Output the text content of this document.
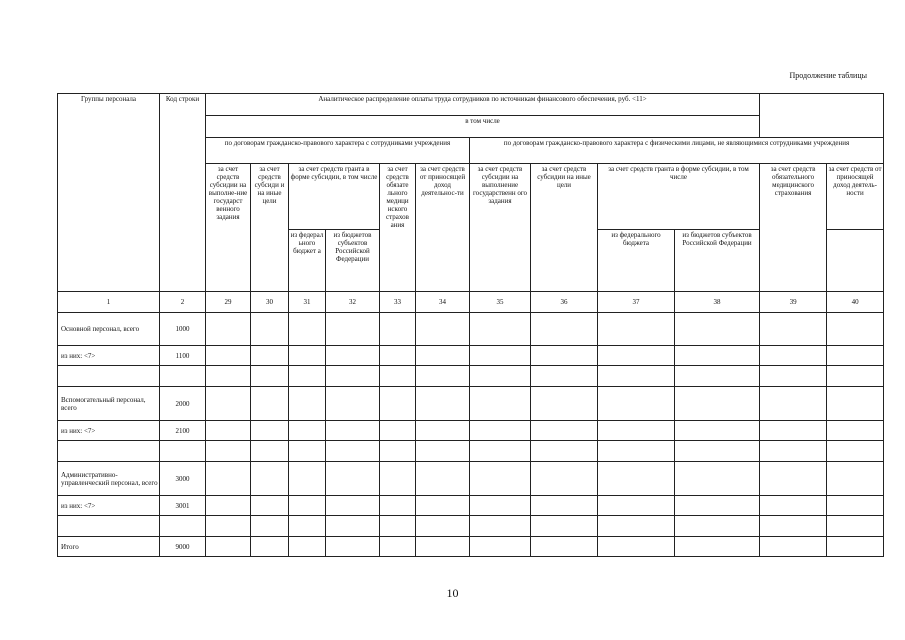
Продолжение таблицы
Группы персонала	Код строки	Аналитическое распределение оплаты труда сотрудников по источникам финансового обеспечения, руб. <11>											
		в том числе											
		по договорам гражданско-правового характера с сотрудниками учреждения						по договорам гражданско-правового характера с физическими лицами, не являющимися сотрудниками учреждения					
		за счет средств субсидии на выполне-ние государст венного задания	за счет средств субсиди и на иные цели	за счет средств гранта в форме субсидии, в том числе		за счет средств обязате льного медици нского страхов ания	за счет средств от приносящей доход деятельнос-ти	за счет средств субсидии на выполнение государственн ого задания	за счет средств субсидии на иные цели	за счет средств гранта в форме субсидии, в том числе		за счет средств обязательного медицинского страхования	за счет средств от приносящей доход деятель-ности
				из федерал ьного бюджет а	из бюджетов субъектов Российской Федерации					из федерального бюджета	из бюджетов субъектов Российской Федерации		
1	2	29	30	31	32	33	34	35	36	37	38	39	40
Основной персонал, всего	1000												
из них: <7>	1100												

Вспомогательный персонал, всего	2000												
из них: <7>	2100												

Административно-управленческий персонал, всего	3000												
из них: <7>	3001												

Итого	9000												
10
